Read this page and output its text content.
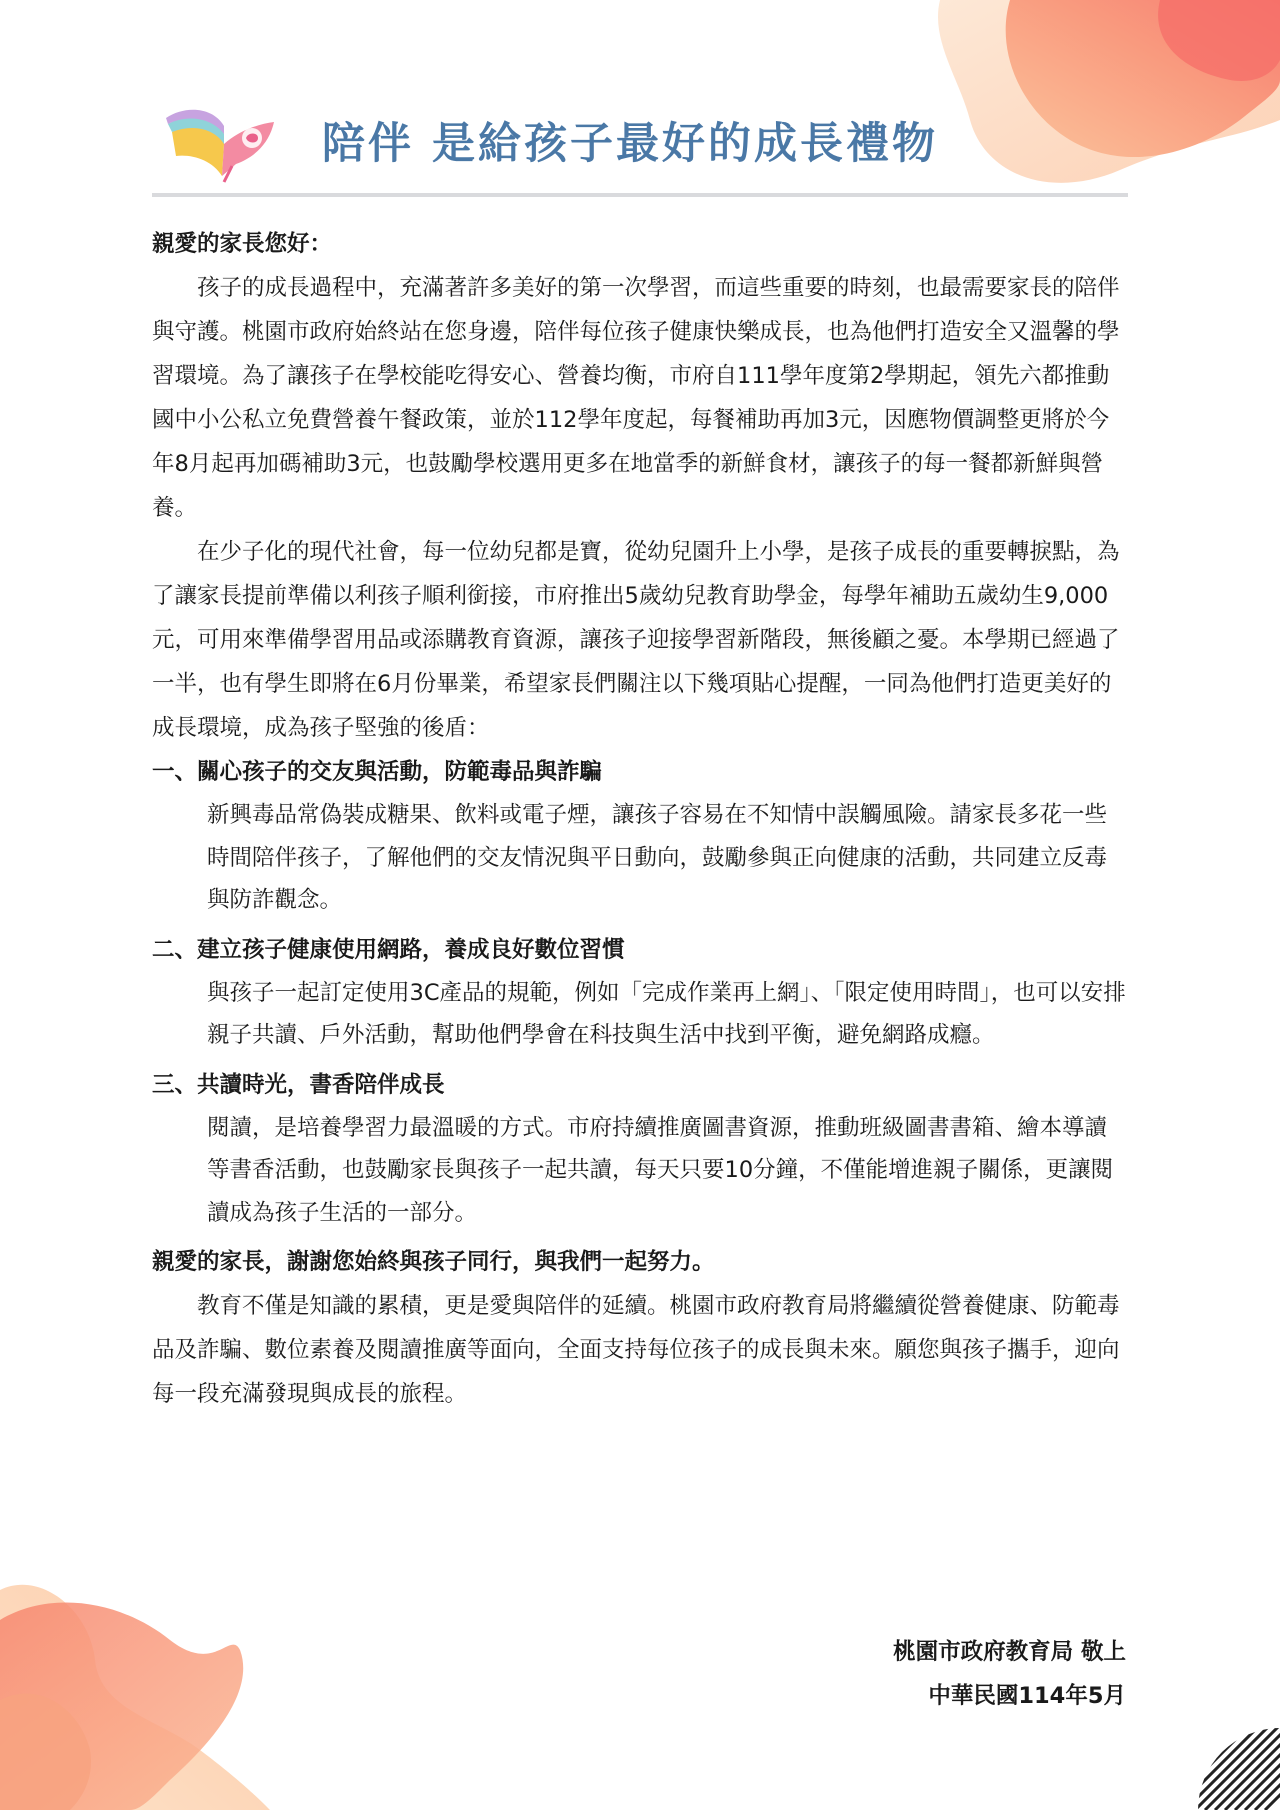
陪伴 是給孩子最好的成長禮物

親愛的家長您好：

孩子的成長過程中，充滿著許多美好的第一次學習，而這些重要的時刻，也最需要家長的陪伴與守護。桃園市政府始終站在您身邊，陪伴每位孩子健康快樂成長，也為他們打造安全又溫馨的學習環境。為了讓孩子在學校能吃得安心、營養均衡，市府自111學年度第2學期起，領先六都推動國中小公私立免費營養午餐政策，並於112學年度起，每餐補助再加3元，因應物價調整更將於今年8月起再加碼補助3元，也鼓勵學校選用更多在地當季的新鮮食材，讓孩子的每一餐都新鮮與營養。

在少子化的現代社會，每一位幼兒都是寶，從幼兒園升上小學，是孩子成長的重要轉捩點，為了讓家長提前準備以利孩子順利銜接，市府推出5歲幼兒教育助學金，每學年補助五歲幼生9,000元，可用來準備學習用品或添購教育資源，讓孩子迎接學習新階段，無後顧之憂。本學期已經過了一半，也有學生即將在6月份畢業，希望家長們關注以下幾項貼心提醒，一同為他們打造更美好的成長環境，成為孩子堅強的後盾：

一、關心孩子的交友與活動，防範毒品與詐騙

新興毒品常偽裝成糖果、飲料或電子煙，讓孩子容易在不知情中誤觸風險。請家長多花一些時間陪伴孩子，了解他們的交友情況與平日動向，鼓勵參與正向健康的活動，共同建立反毒與防詐觀念。

二、建立孩子健康使用網路，養成良好數位習慣

與孩子一起訂定使用3C產品的規範，例如「完成作業再上網」、「限定使用時間」，也可以安排親子共讀、戶外活動，幫助他們學會在科技與生活中找到平衡，避免網路成癮。

三、共讀時光，書香陪伴成長

閱讀，是培養學習力最溫暖的方式。市府持續推廣圖書資源，推動班級圖書書箱、繪本導讀等書香活動，也鼓勵家長與孩子一起共讀，每天只要10分鐘，不僅能增進親子關係，更讓閱讀成為孩子生活的一部分。

親愛的家長，謝謝您始終與孩子同行，與我們一起努力。

教育不僅是知識的累積，更是愛與陪伴的延續。桃園市政府教育局將繼續從營養健康、防範毒品及詐騙、數位素養及閱讀推廣等面向，全面支持每位孩子的成長與未來。願您與孩子攜手，迎向每一段充滿發現與成長的旅程。

桃園市政府教育局 敬上
中華民國114年5月
